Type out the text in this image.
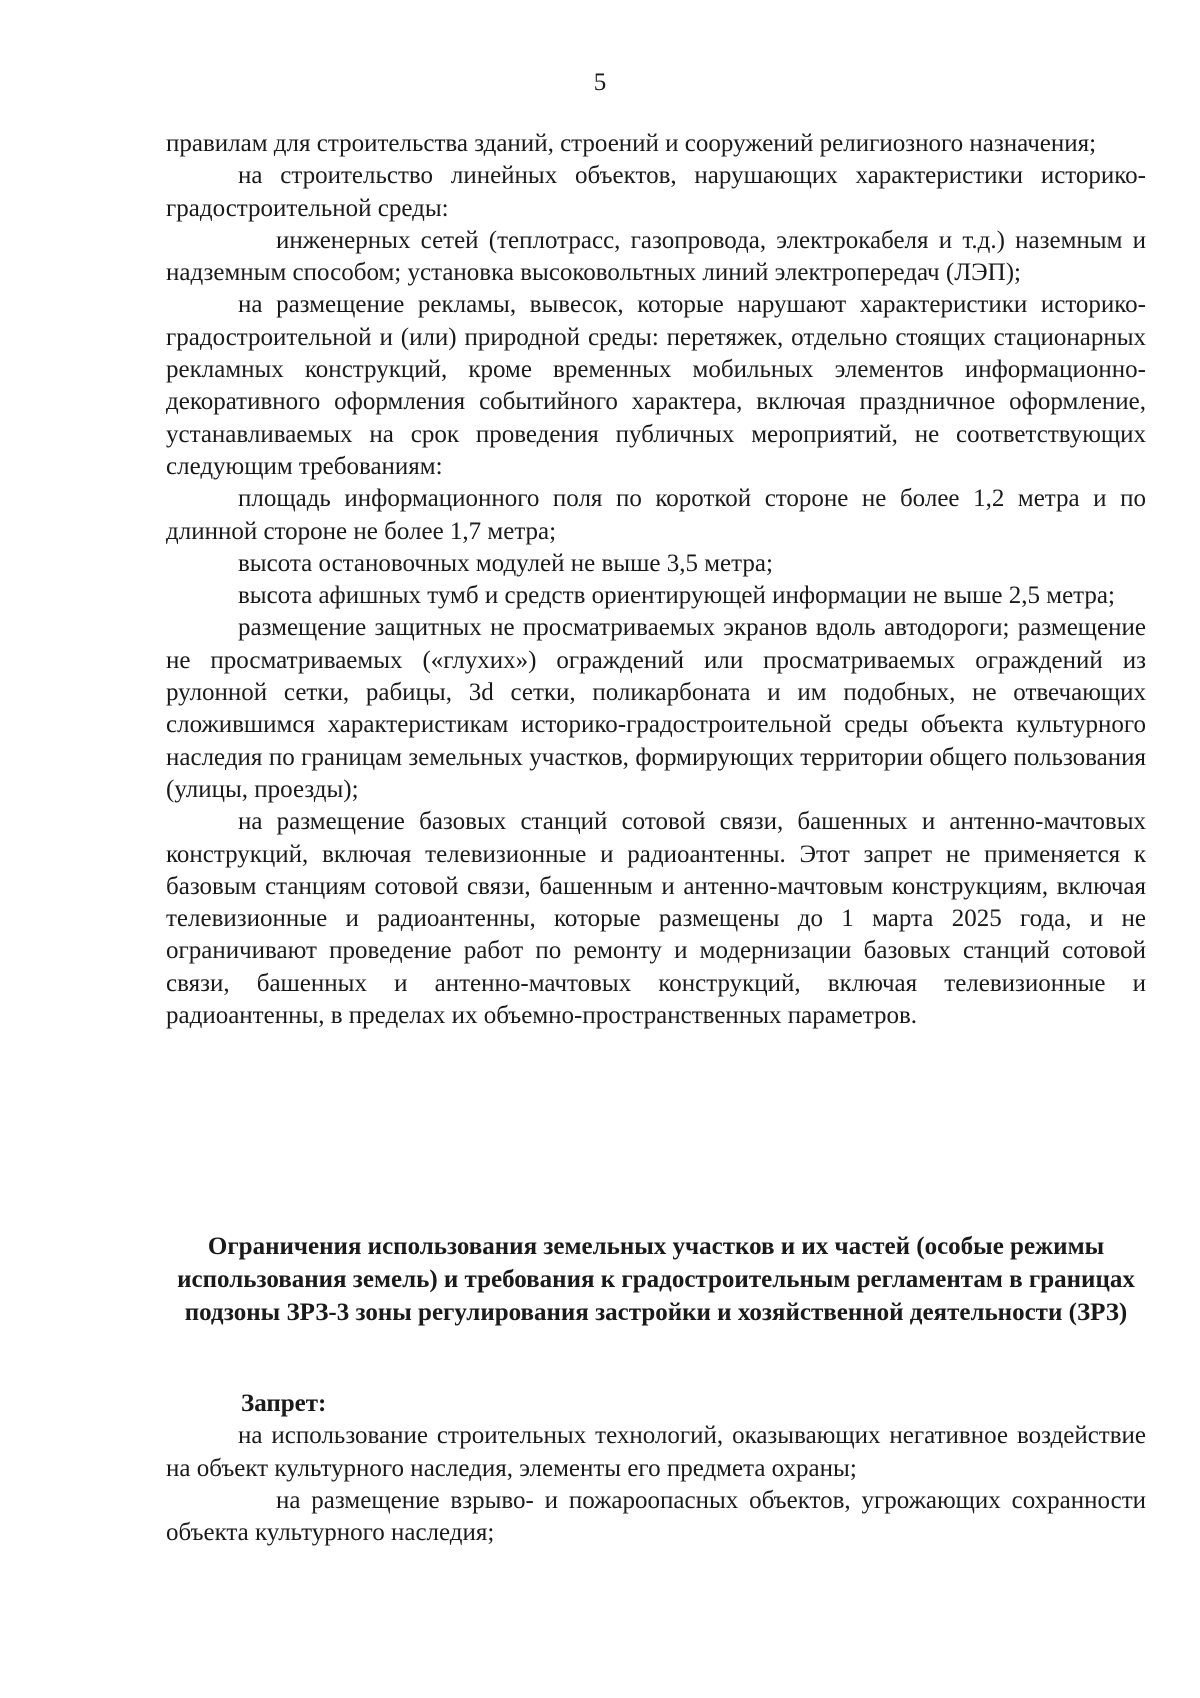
5

правилам для строительства зданий, строений и сооружений религиозного назначения;

на строительство линейных объектов, нарушающих характеристики историко-градостроительной среды:

инженерных сетей (теплотрасс, газопровода, электрокабеля и т.д.) наземным и надземным способом; установка высоковольтных линий электропередач (ЛЭП);

на размещение рекламы, вывесок, которые нарушают характеристики историко-градостроительной и (или) природной среды: перетяжек, отдельно стоящих стационарных рекламных конструкций, кроме временных мобильных элементов информационно-декоративного оформления событийного характера, включая праздничное оформление, устанавливаемых на срок проведения публичных мероприятий, не соответствующих следующим требованиям:

площадь информационного поля по короткой стороне не более 1,2 метра и по длинной стороне не более 1,7 метра;

высота остановочных модулей не выше 3,5 метра;

высота афишных тумб и средств ориентирующей информации не выше 2,5 метра;

размещение защитных не просматриваемых экранов вдоль автодороги; размещение не просматриваемых («глухих») ограждений или просматриваемых ограждений из рулонной сетки, рабицы, 3d сетки, поликарбоната и им подобных, не отвечающих сложившимся характеристикам историко-градостроительной среды объекта культурного наследия по границам земельных участков, формирующих территории общего пользования (улицы, проезды);

на размещение базовых станций сотовой связи, башенных и антенно-мачтовых конструкций, включая телевизионные и радиоантенны. Этот запрет не применяется к базовым станциям сотовой связи, башенным и антенно-мачтовым конструкциям, включая телевизионные и радиоантенны, которые размещены до 1 марта 2025 года, и не ограничивают проведение работ по ремонту и модернизации базовых станций сотовой связи, башенных и антенно-мачтовых конструкций, включая телевизионные и радиоантенны, в пределах их объемно-пространственных параметров.

Ограничения использования земельных участков и их частей (особые режимы использования земель) и требования к градостроительным регламентам в границах подзоны ЗРЗ-3 зоны регулирования застройки и хозяйственной деятельности (ЗРЗ)

Запрет:

на использование строительных технологий, оказывающих негативное воздействие на объект культурного наследия, элементы его предмета охраны;

на размещение взрыво- и пожароопасных объектов, угрожающих сохранности объекта культурного наследия;
